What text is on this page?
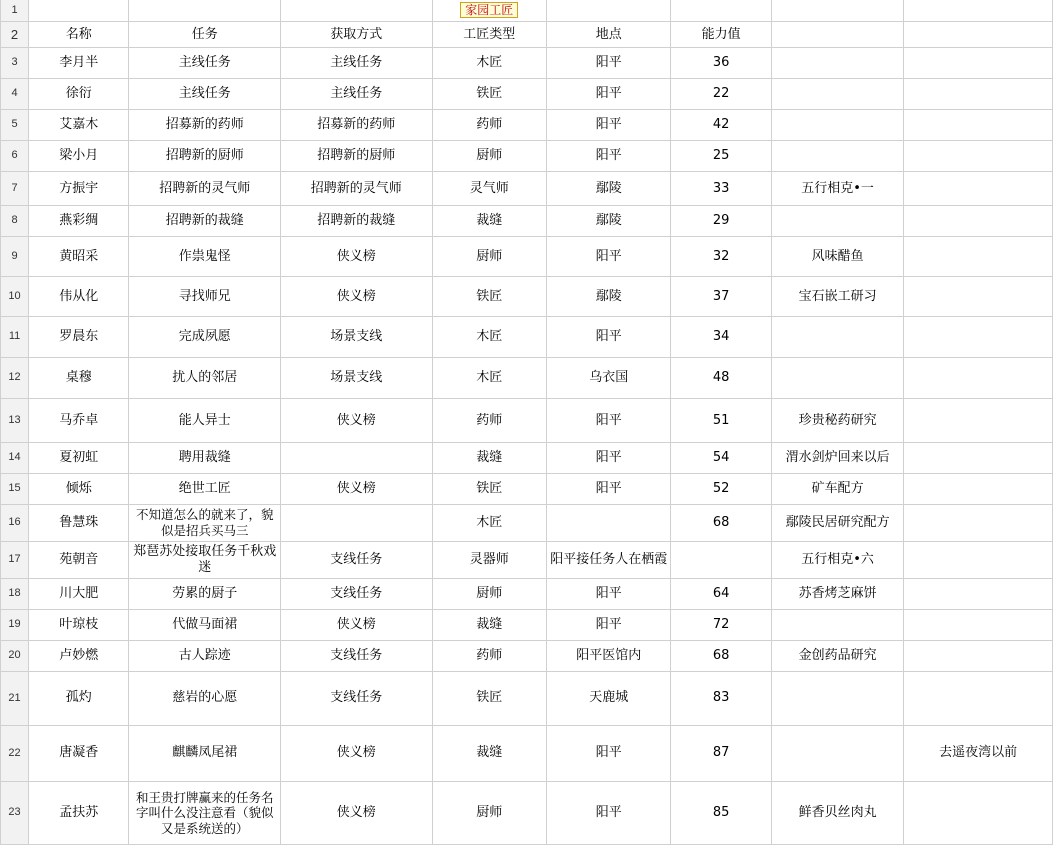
1				家园工匠				
2	名称	任务	获取方式	工匠类型	地点	能力值		
3	李月半	主线任务	主线任务	木匠	阳平	36		
4	徐衍	主线任务	主线任务	铁匠	阳平	22		
5	艾嘉木	招募新的药师	招募新的药师	药师	阳平	42		
6	梁小月	招聘新的厨师	招聘新的厨师	厨师	阳平	25		
7	方振宇	招聘新的灵气师	招聘新的灵气师	灵气师	鄢陵	33	五行相克•一	
8	燕彩绸	招聘新的裁缝	招聘新的裁缝	裁缝	鄢陵	29		
9	黄昭采	作祟鬼怪	侠义榜	厨师	阳平	32	风味醋鱼	
10	伟从化	寻找师兄	侠义榜	铁匠	鄢陵	37	宝石嵌工研习	
11	罗晨东	完成夙愿	场景支线	木匠	阳平	34		
12	桌穆	扰人的邻居	场景支线	木匠	乌衣国	48		
13	马乔卓	能人异士	侠义榜	药师	阳平	51	珍贵秘药研究	
14	夏初虹	聘用裁缝		裁缝	阳平	54	渭水剑炉回来以后	
15	倾烁	绝世工匠	侠义榜	铁匠	阳平	52	矿车配方	
16	鲁慧珠	不知道怎么的就来了，貌似是招兵买马三		木匠		68	鄢陵民居研究配方	
17	苑朝音	郑琶苏处接取任务千秋戏迷	支线任务	灵器师	阳平接任务人在栖霞		五行相克•六	
18	川大肥	劳累的厨子	支线任务	厨师	阳平	64	苏香烤芝麻饼	
19	叶琼枝	代做马面裙	侠义榜	裁缝	阳平	72		
20	卢妙燃	古人踪迹	支线任务	药师	阳平医馆内	68	金创药品研究	
21	孤灼	慈岩的心愿	支线任务	铁匠	天鹿城	83		
22	唐凝香	麒麟凤尾裙	侠义榜	裁缝	阳平	87		去遥夜湾以前
23	孟扶苏	和王贵打牌赢来的任务名字叫什么没注意看（貌似又是系统送的）	侠义榜	厨师	阳平	85	鲜香贝丝肉丸	
